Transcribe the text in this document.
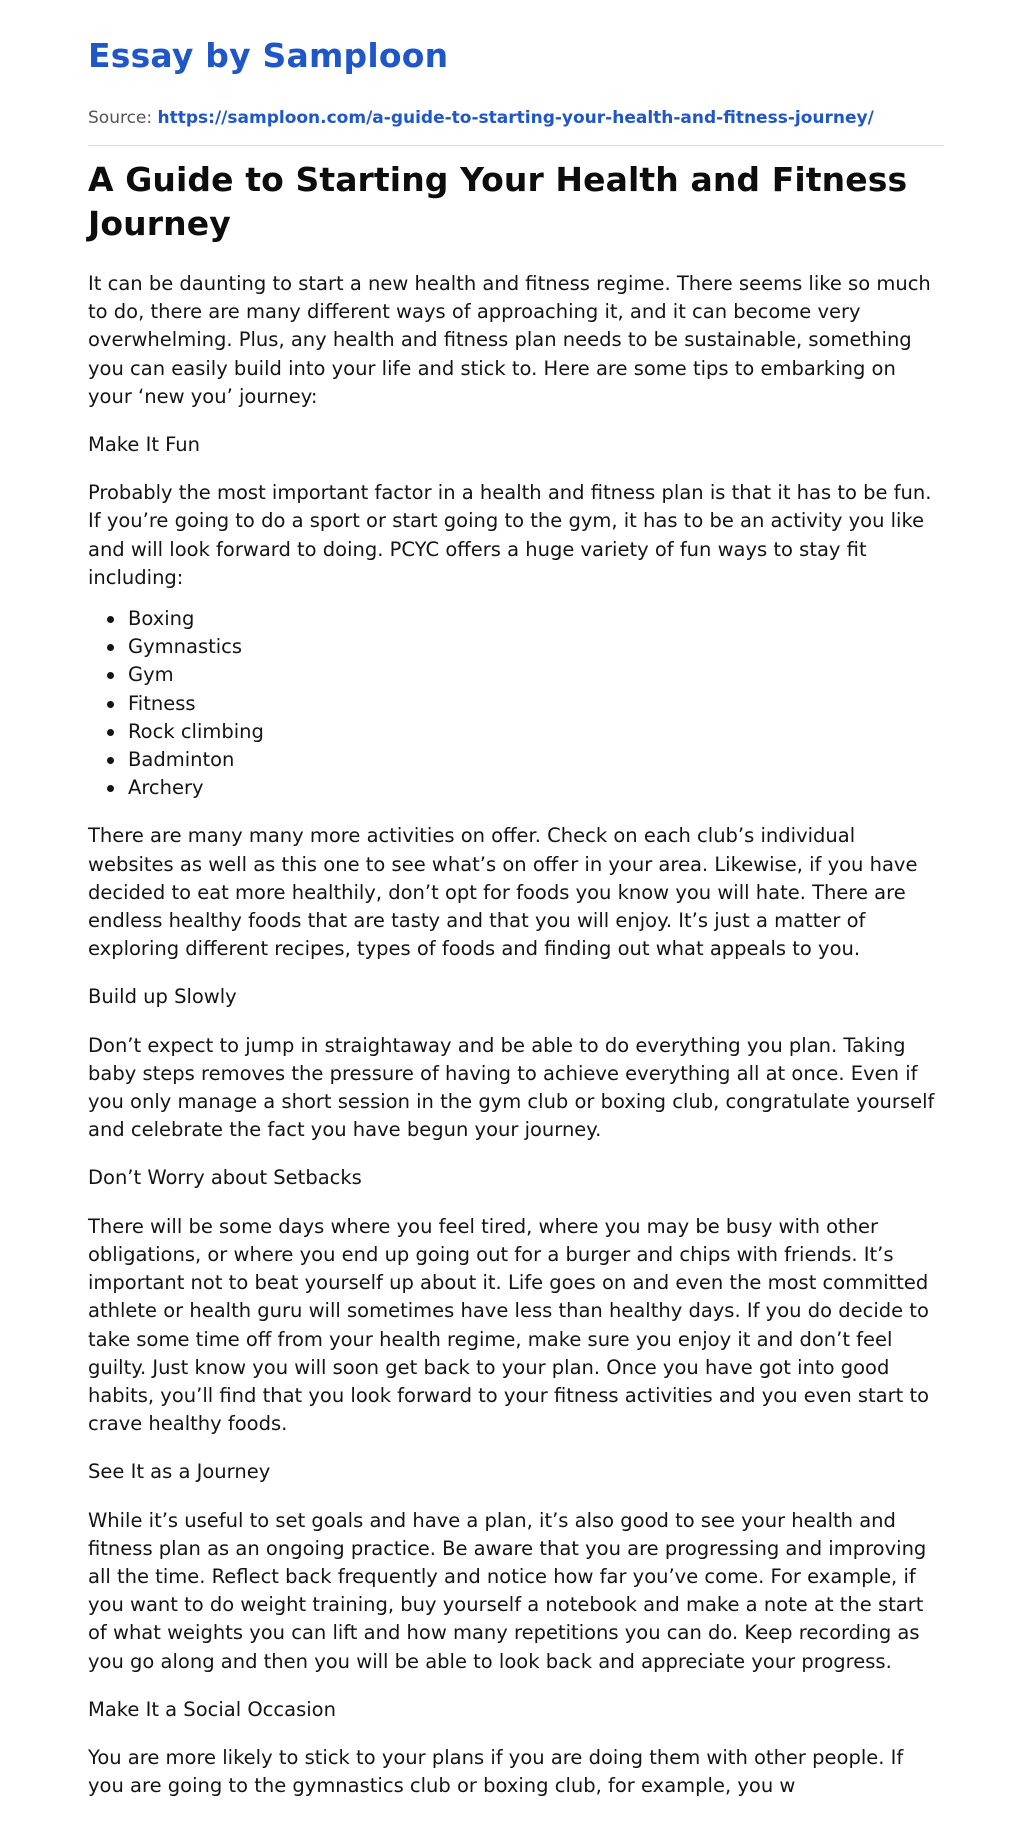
Essay by Samploon
Source: https://samploon.com/a-guide-to-starting-your-health-and-fitness-journey/
A Guide to Starting Your Health and Fitness Journey

It can be daunting to start a new health and fitness regime. There seems like so much to do, there are many different ways of approaching it, and it can become very overwhelming. Plus, any health and fitness plan needs to be sustainable, something you can easily build into your life and stick to. Here are some tips to embarking on your ‘new you’ journey:

Make It Fun

Probably the most important factor in a health and fitness plan is that it has to be fun. If you’re going to do a sport or start going to the gym, it has to be an activity you like and will look forward to doing. PCYC offers a huge variety of fun ways to stay fit including:

Boxing
Gymnastics
Gym
Fitness
Rock climbing
Badminton
Archery

There are many many more activities on offer. Check on each club’s individual websites as well as this one to see what’s on offer in your area. Likewise, if you have decided to eat more healthily, don’t opt for foods you know you will hate. There are endless healthy foods that are tasty and that you will enjoy. It’s just a matter of exploring different recipes, types of foods and finding out what appeals to you.

Build up Slowly

Don’t expect to jump in straightaway and be able to do everything you plan. Taking baby steps removes the pressure of having to achieve everything all at once. Even if you only manage a short session in the gym club or boxing club, congratulate yourself and celebrate the fact you have begun your journey.

Don’t Worry about Setbacks

There will be some days where you feel tired, where you may be busy with other obligations, or where you end up going out for a burger and chips with friends. It’s important not to beat yourself up about it. Life goes on and even the most committed athlete or health guru will sometimes have less than healthy days. If you do decide to take some time off from your health regime, make sure you enjoy it and don’t feel guilty. Just know you will soon get back to your plan. Once you have got into good habits, you’ll find that you look forward to your fitness activities and you even start to crave healthy foods.

See It as a Journey

While it’s useful to set goals and have a plan, it’s also good to see your health and fitness plan as an ongoing practice. Be aware that you are progressing and improving all the time. Reflect back frequently and notice how far you’ve come. For example, if you want to do weight training, buy yourself a notebook and make a note at the start of what weights you can lift and how many repetitions you can do. Keep recording as you go along and then you will be able to look back and appreciate your progress.

Make It a Social Occasion

You are more likely to stick to your plans if you are doing them with other people. If you are going to the gymnastics club or boxing club, for example, you w
